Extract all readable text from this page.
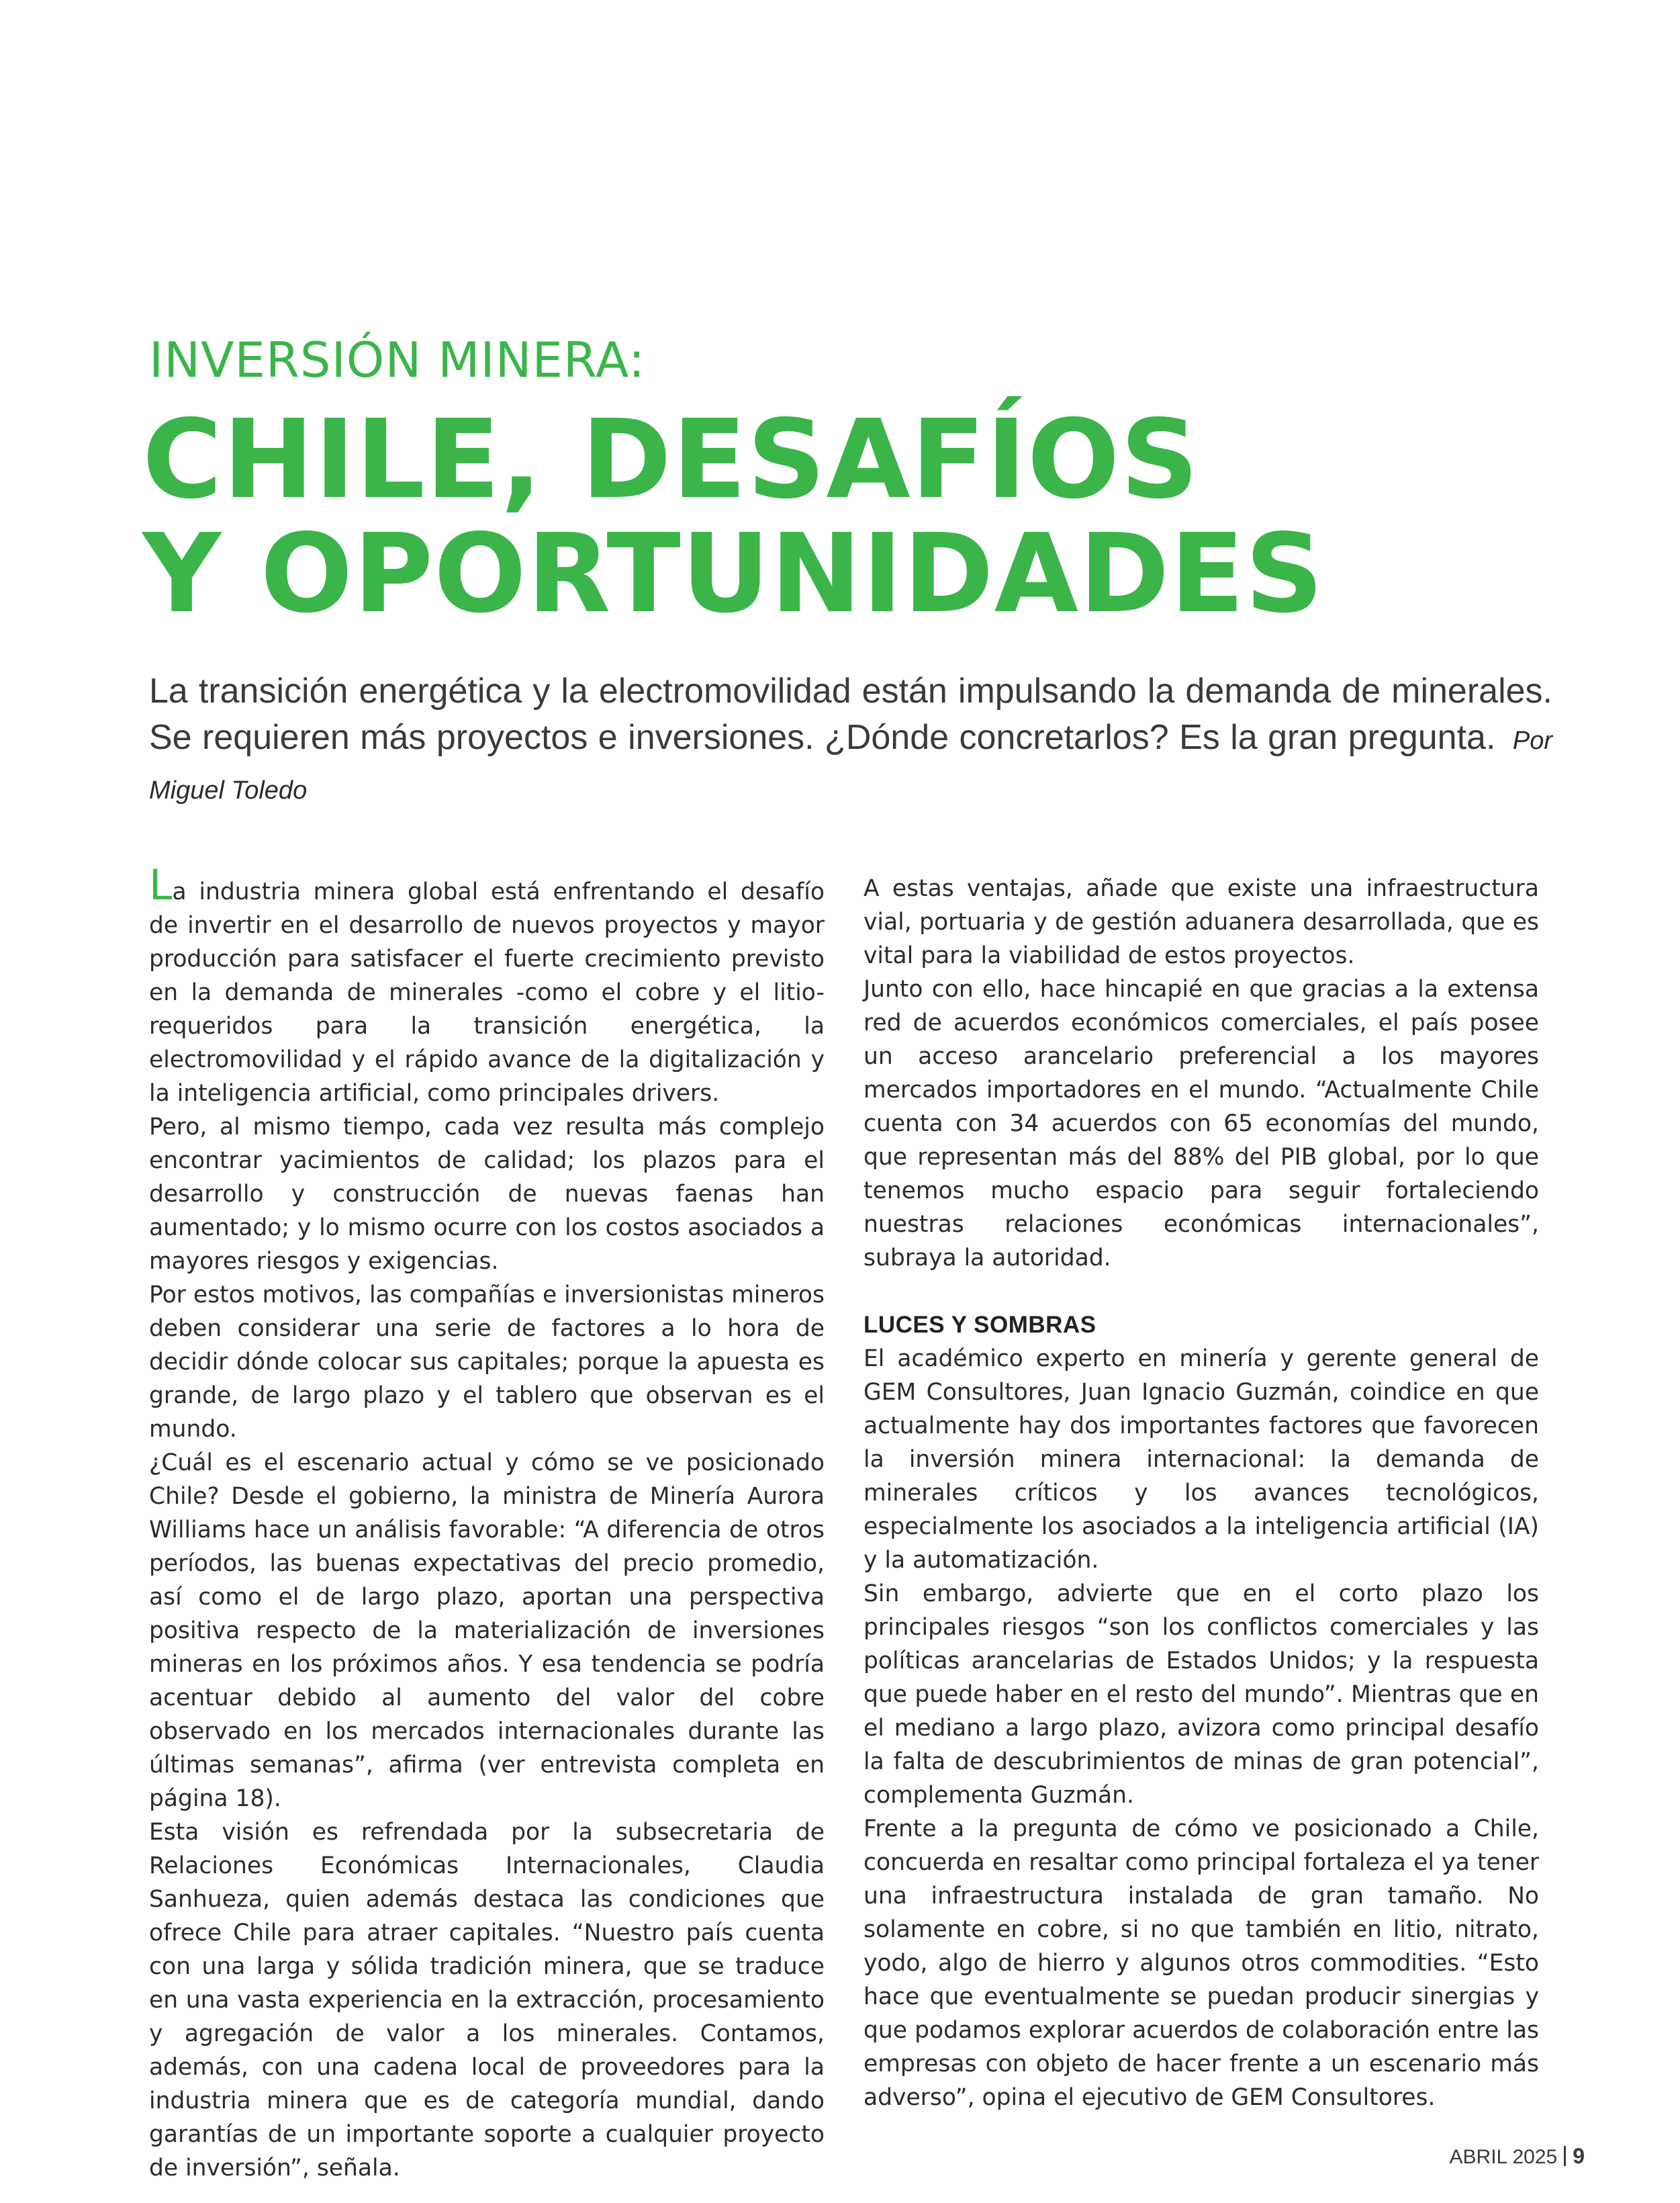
INVERSIÓN MINERA:
CHILE, DESAFÍOS
Y OPORTUNIDADES
La transición energética y la electromovilidad están impulsando la demanda de minerales. Se requieren más proyectos e inversiones. ¿Dónde concretarlos? Es la gran pregunta. Por Miguel Toledo

La industria minera global está enfrentando el desafío de invertir en el desarrollo de nuevos proyectos y mayor producción para satisfacer el fuerte crecimiento previsto en la demanda de minerales -como el cobre y el litio- requeridos para la transición energética, la electromovilidad y el rápido avance de la digitalización y la inteligencia artificial, como principales drivers.

Pero, al mismo tiempo, cada vez resulta más complejo encontrar yacimientos de calidad; los plazos para el desarrollo y construcción de nuevas faenas han aumentado; y lo mismo ocurre con los costos asociados a mayores riesgos y exigencias.

Por estos motivos, las compañías e inversionistas mineros deben considerar una serie de factores a lo hora de decidir dónde colocar sus capitales; porque la apuesta es grande, de largo plazo y el tablero que observan es el mundo.

¿Cuál es el escenario actual y cómo se ve posicionado Chile? Desde el gobierno, la ministra de Minería Aurora Williams hace un análisis favorable: “A diferencia de otros períodos, las buenas expectativas del precio promedio, así como el de largo plazo, aportan una perspectiva positiva respecto de la materialización de inversiones mineras en los próximos años. Y esa tendencia se podría acentuar debido al aumento del valor del cobre observado en los mercados internacionales durante las últimas semanas”, afirma (ver entrevista completa en página 18).

Esta visión es refrendada por la subsecretaria de Relaciones Económicas Internacionales, Claudia Sanhueza, quien además destaca las condiciones que ofrece Chile para atraer capitales. “Nuestro país cuenta con una larga y sólida tradición minera, que se traduce en una vasta experiencia en la extracción, procesamiento y agregación de valor a los minerales. Contamos, además, con una cadena local de proveedores para la industria minera que es de categoría mundial, dando garantías de un importante soporte a cualquier proyecto de inversión”, señala.

A estas ventajas, añade que existe una infraestructura vial, portuaria y de gestión aduanera desarrollada, que es vital para la viabilidad de estos proyectos.

Junto con ello, hace hincapié en que gracias a la extensa red de acuerdos económicos comerciales, el país posee un acceso arancelario preferencial a los mayores mercados importadores en el mundo. “Actualmente Chile cuenta con 34 acuerdos con 65 economías del mundo, que representan más del 88% del PIB global, por lo que tenemos mucho espacio para seguir fortaleciendo nuestras relaciones económicas internacionales”, subraya la autoridad.

LUCES Y SOMBRAS

El académico experto en minería y gerente general de GEM Consultores, Juan Ignacio Guzmán, coindice en que actualmente hay dos importantes factores que favorecen la inversión minera internacional: la demanda de minerales críticos y los avances tecnológicos, especialmente los asociados a la inteligencia artificial (IA) y la automatización.

Sin embargo, advierte que en el corto plazo los principales riesgos “son los conflictos comerciales y las políticas arancelarias de Estados Unidos; y la respuesta que puede haber en el resto del mundo”. Mientras que en el mediano a largo plazo, avizora como principal desafío la falta de descubrimientos de minas de gran potencial”, complementa Guzmán.

Frente a la pregunta de cómo ve posicionado a Chile, concuerda en resaltar como principal fortaleza el ya tener una infraestructura instalada de gran tamaño. No solamente en cobre, si no que también en litio, nitrato, yodo, algo de hierro y algunos otros commodities. “Esto hace que eventualmente se puedan producir sinergias y que podamos explorar acuerdos de colaboración entre las empresas con objeto de hacer frente a un escenario más adverso”, opina el ejecutivo de GEM Consultores.

ABRIL 2025 9
